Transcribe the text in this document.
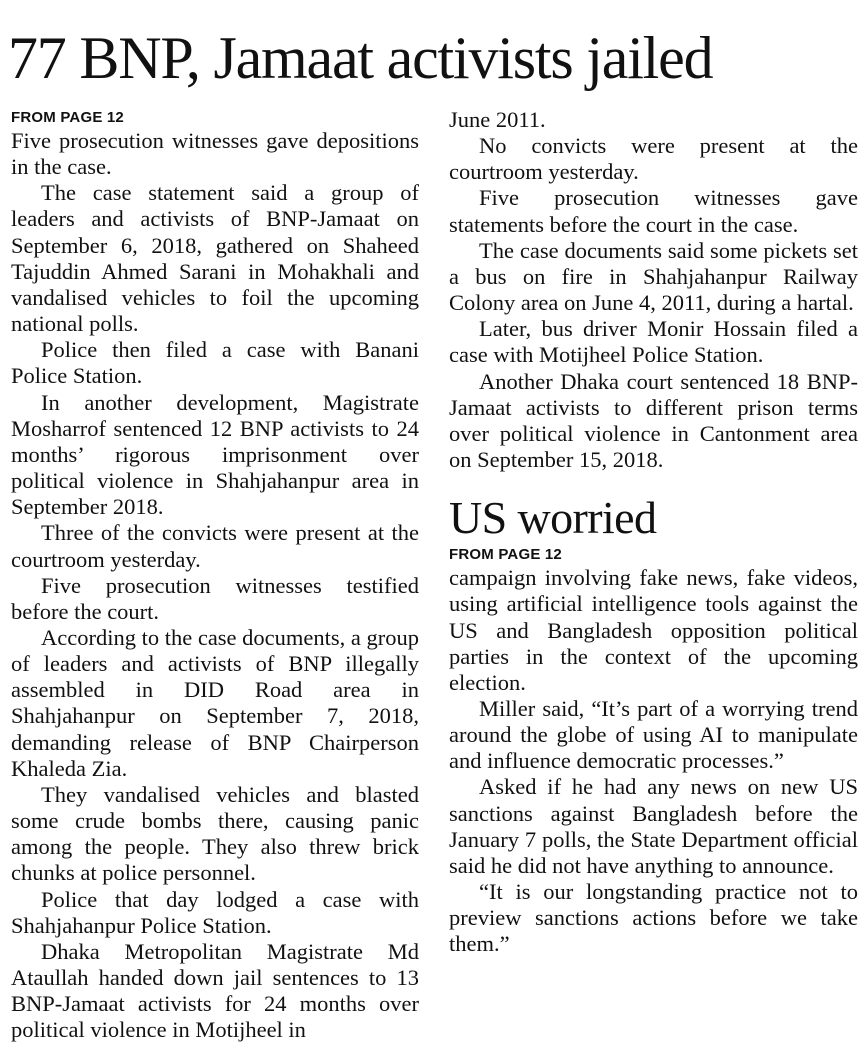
77 BNP, Jamaat activists jailed
FROM PAGE 12

Five prosecution witnesses gave depositions in the case.

The case statement said a group of leaders and activists of BNP-Jamaat on September 6, 2018, gathered on Shaheed Tajuddin Ahmed Sarani in Mohakhali and vandalised vehicles to foil the upcoming national polls.

Police then filed a case with Banani Police Station.

In another development, Magistrate Mosharrof sentenced 12 BNP activists to 24 months’ rigorous imprisonment over political violence in Shahjahanpur area in September 2018.

Three of the convicts were present at the courtroom yesterday.

Five prosecution witnesses testified before the court.

According to the case documents, a group of leaders and activists of BNP illegally assembled in DID Road area in Shahjahanpur on September 7, 2018, demanding release of BNP Chairperson Khaleda Zia.

They vandalised vehicles and blasted some crude bombs there, causing panic among the people. They also threw brick chunks at police personnel.

Police that day lodged a case with Shahjahanpur Police Station.

Dhaka Metropolitan Magistrate Md Ataullah handed down jail sentences to 13 BNP-Jamaat activists for 24 months over political violence in Motijheel in

June 2011.

No convicts were present at the courtroom yesterday.

Five prosecution witnesses gave statements before the court in the case.

The case documents said some pickets set a bus on fire in Shahjahanpur Railway Colony area on June 4, 2011, during a hartal.

Later, bus driver Monir Hossain filed a case with Motijheel Police Station.

Another Dhaka court sentenced 18 BNP-Jamaat activists to different prison terms over political violence in Cantonment area on September 15, 2018.

US worried
FROM PAGE 12

campaign involving fake news, fake videos, using artificial intelligence tools against the US and Bangladesh opposition political parties in the context of the upcoming election.

Miller said, “It’s part of a worrying trend around the globe of using AI to manipulate and influence democratic processes.”

Asked if he had any news on new US sanctions against Bangladesh before the January 7 polls, the State Department official said he did not have anything to announce.

“It is our longstanding practice not to preview sanctions actions before we take them.”
